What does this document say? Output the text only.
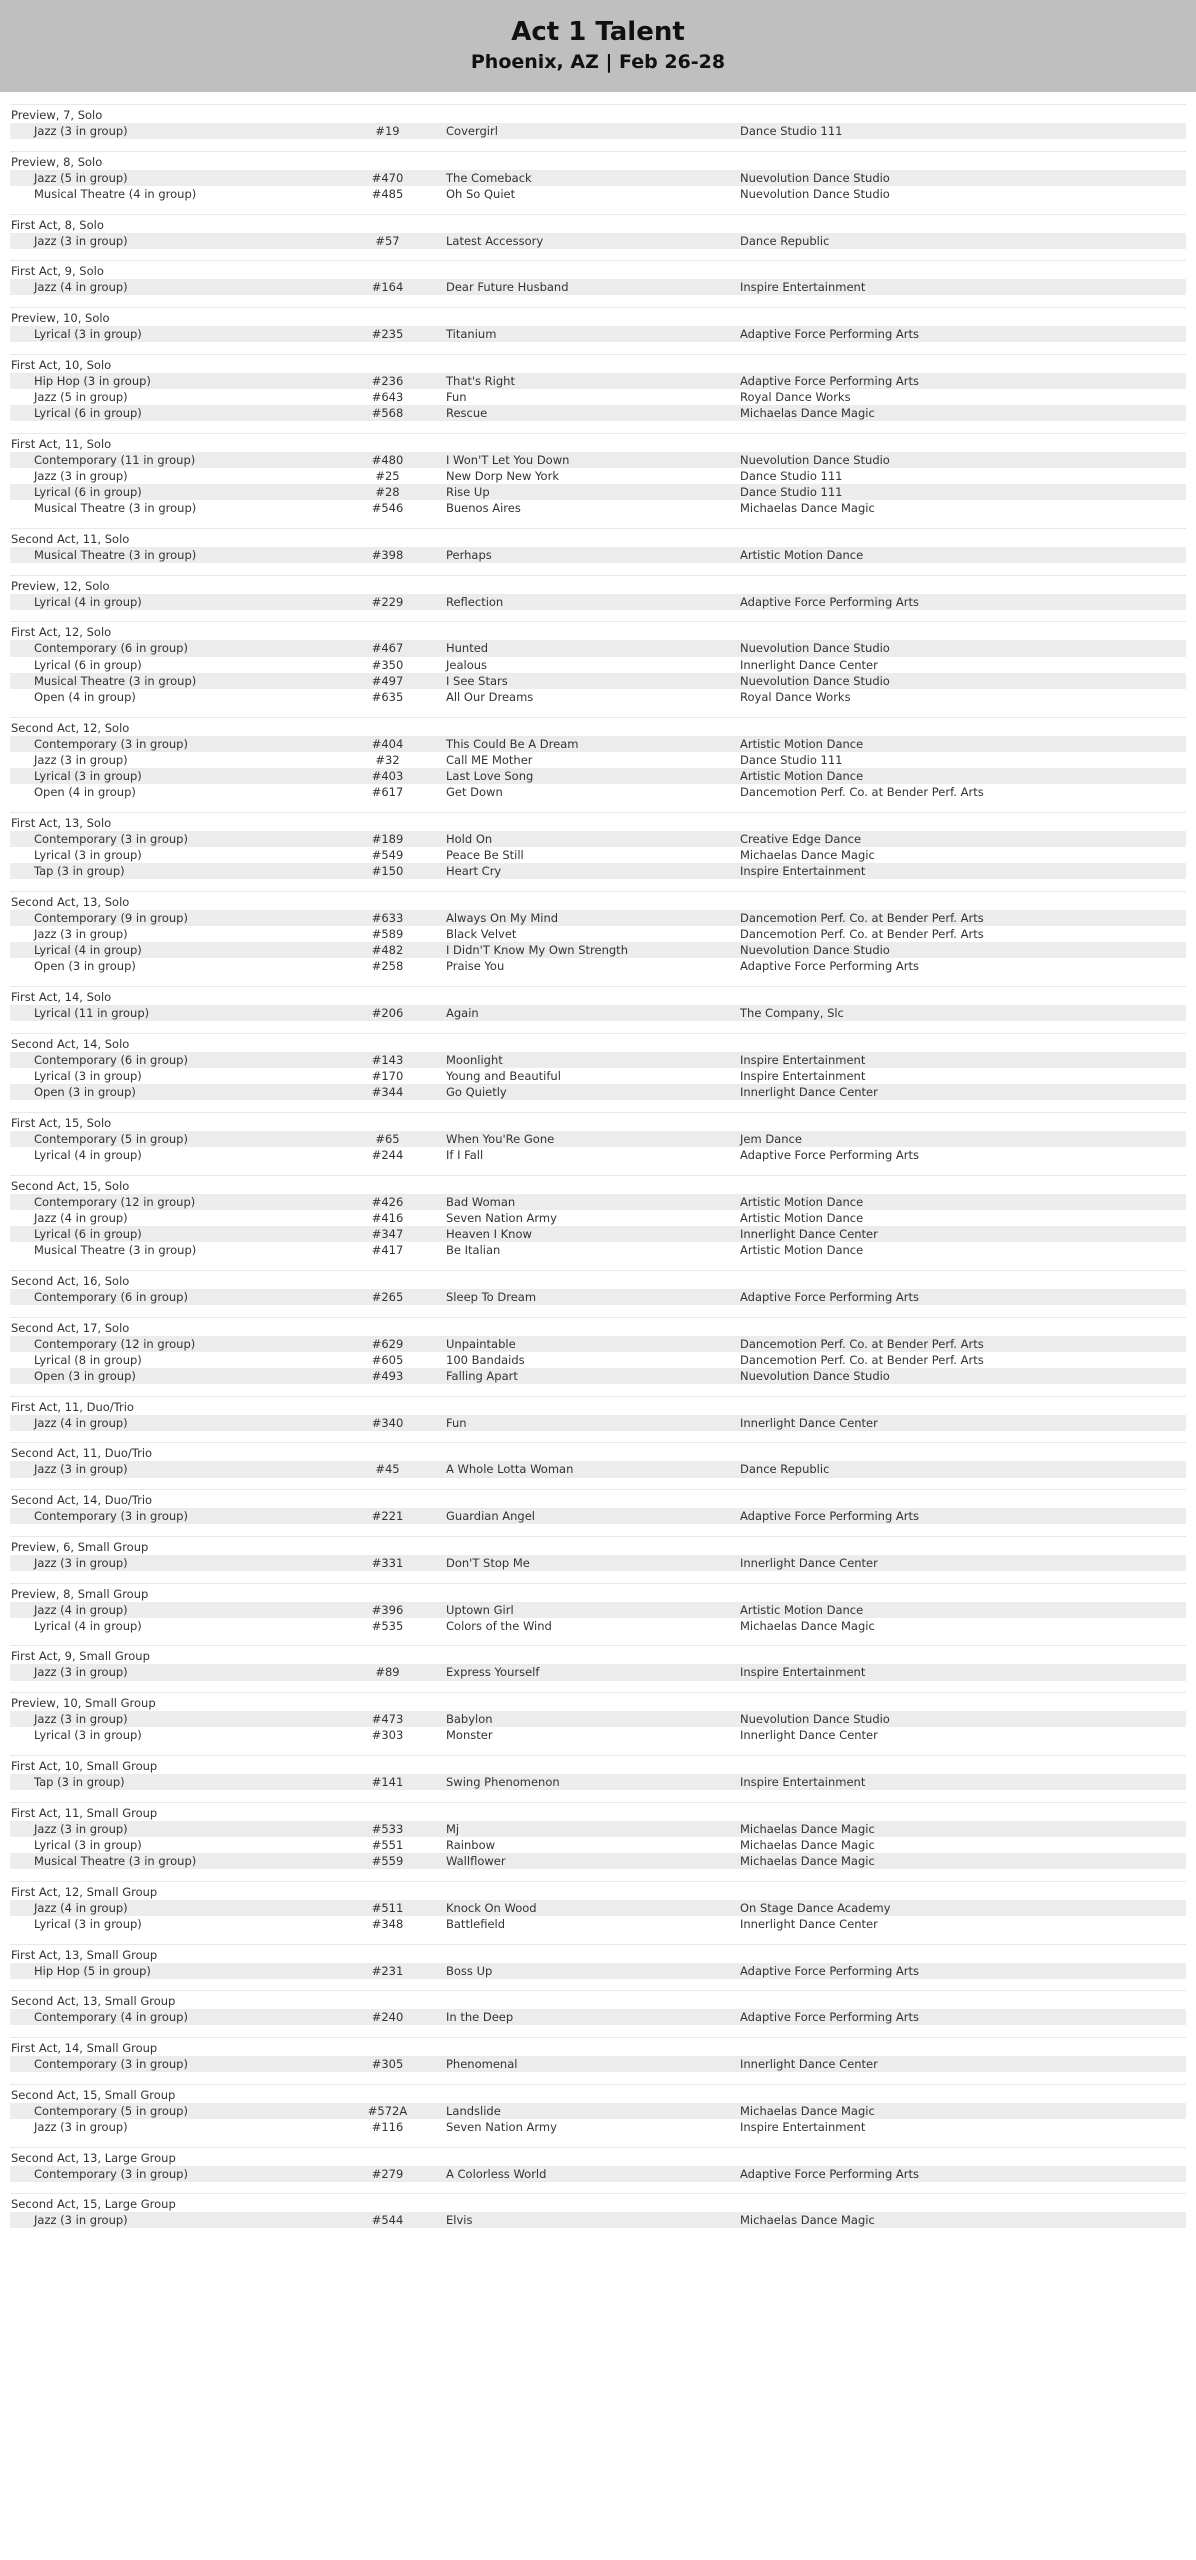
Act 1 Talent
Phoenix, AZ | Feb 26-28
Preview, 7, Solo
Jazz (3 in group)	#19	Covergirl	Dance Studio 111
Preview, 8, Solo
Jazz (5 in group)	#470	The Comeback	Nuevolution Dance Studio
Musical Theatre (4 in group)	#485	Oh So Quiet	Nuevolution Dance Studio
First Act, 8, Solo
Jazz (3 in group)	#57	Latest Accessory	Dance Republic
First Act, 9, Solo
Jazz (4 in group)	#164	Dear Future Husband	Inspire Entertainment
Preview, 10, Solo
Lyrical (3 in group)	#235	Titanium	Adaptive Force Performing Arts
First Act, 10, Solo
Hip Hop (3 in group)	#236	That's Right	Adaptive Force Performing Arts
Jazz (5 in group)	#643	Fun	Royal Dance Works
Lyrical (6 in group)	#568	Rescue	Michaelas Dance Magic
First Act, 11, Solo
Contemporary (11 in group)	#480	I Won'T Let You Down	Nuevolution Dance Studio
Jazz (3 in group)	#25	New Dorp New York	Dance Studio 111
Lyrical (6 in group)	#28	Rise Up	Dance Studio 111
Musical Theatre (3 in group)	#546	Buenos Aires	Michaelas Dance Magic
Second Act, 11, Solo
Musical Theatre (3 in group)	#398	Perhaps	Artistic Motion Dance
Preview, 12, Solo
Lyrical (4 in group)	#229	Reflection	Adaptive Force Performing Arts
First Act, 12, Solo
Contemporary (6 in group)	#467	Hunted	Nuevolution Dance Studio
Lyrical (6 in group)	#350	Jealous	Innerlight Dance Center
Musical Theatre (3 in group)	#497	I See Stars	Nuevolution Dance Studio
Open (4 in group)	#635	All Our Dreams	Royal Dance Works
Second Act, 12, Solo
Contemporary (3 in group)	#404	This Could Be A Dream	Artistic Motion Dance
Jazz (3 in group)	#32	Call ME Mother	Dance Studio 111
Lyrical (3 in group)	#403	Last Love Song	Artistic Motion Dance
Open (4 in group)	#617	Get Down	Dancemotion Perf. Co. at Bender Perf. Arts
First Act, 13, Solo
Contemporary (3 in group)	#189	Hold On	Creative Edge Dance
Lyrical (3 in group)	#549	Peace Be Still	Michaelas Dance Magic
Tap (3 in group)	#150	Heart Cry	Inspire Entertainment
Second Act, 13, Solo
Contemporary (9 in group)	#633	Always On My Mind	Dancemotion Perf. Co. at Bender Perf. Arts
Jazz (3 in group)	#589	Black Velvet	Dancemotion Perf. Co. at Bender Perf. Arts
Lyrical (4 in group)	#482	I Didn'T Know My Own Strength	Nuevolution Dance Studio
Open (3 in group)	#258	Praise You	Adaptive Force Performing Arts
First Act, 14, Solo
Lyrical (11 in group)	#206	Again	The Company, Slc
Second Act, 14, Solo
Contemporary (6 in group)	#143	Moonlight	Inspire Entertainment
Lyrical (3 in group)	#170	Young and Beautiful	Inspire Entertainment
Open (3 in group)	#344	Go Quietly	Innerlight Dance Center
First Act, 15, Solo
Contemporary (5 in group)	#65	When You'Re Gone	Jem Dance
Lyrical (4 in group)	#244	If I Fall	Adaptive Force Performing Arts
Second Act, 15, Solo
Contemporary (12 in group)	#426	Bad Woman	Artistic Motion Dance
Jazz (4 in group)	#416	Seven Nation Army	Artistic Motion Dance
Lyrical (6 in group)	#347	Heaven I Know	Innerlight Dance Center
Musical Theatre (3 in group)	#417	Be Italian	Artistic Motion Dance
Second Act, 16, Solo
Contemporary (6 in group)	#265	Sleep To Dream	Adaptive Force Performing Arts
Second Act, 17, Solo
Contemporary (12 in group)	#629	Unpaintable	Dancemotion Perf. Co. at Bender Perf. Arts
Lyrical (8 in group)	#605	100 Bandaids	Dancemotion Perf. Co. at Bender Perf. Arts
Open (3 in group)	#493	Falling Apart	Nuevolution Dance Studio
First Act, 11, Duo/Trio
Jazz (4 in group)	#340	Fun	Innerlight Dance Center
Second Act, 11, Duo/Trio
Jazz (3 in group)	#45	A Whole Lotta Woman	Dance Republic
Second Act, 14, Duo/Trio
Contemporary (3 in group)	#221	Guardian Angel	Adaptive Force Performing Arts
Preview, 6, Small Group
Jazz (3 in group)	#331	Don'T Stop Me	Innerlight Dance Center
Preview, 8, Small Group
Jazz (4 in group)	#396	Uptown Girl	Artistic Motion Dance
Lyrical (4 in group)	#535	Colors of the Wind	Michaelas Dance Magic
First Act, 9, Small Group
Jazz (3 in group)	#89	Express Yourself	Inspire Entertainment
Preview, 10, Small Group
Jazz (3 in group)	#473	Babylon	Nuevolution Dance Studio
Lyrical (3 in group)	#303	Monster	Innerlight Dance Center
First Act, 10, Small Group
Tap (3 in group)	#141	Swing Phenomenon	Inspire Entertainment
First Act, 11, Small Group
Jazz (3 in group)	#533	Mj	Michaelas Dance Magic
Lyrical (3 in group)	#551	Rainbow	Michaelas Dance Magic
Musical Theatre (3 in group)	#559	Wallflower	Michaelas Dance Magic
First Act, 12, Small Group
Jazz (4 in group)	#511	Knock On Wood	On Stage Dance Academy
Lyrical (3 in group)	#348	Battlefield	Innerlight Dance Center
First Act, 13, Small Group
Hip Hop (5 in group)	#231	Boss Up	Adaptive Force Performing Arts
Second Act, 13, Small Group
Contemporary (4 in group)	#240	In the Deep	Adaptive Force Performing Arts
First Act, 14, Small Group
Contemporary (3 in group)	#305	Phenomenal	Innerlight Dance Center
Second Act, 15, Small Group
Contemporary (5 in group)	#572A	Landslide	Michaelas Dance Magic
Jazz (3 in group)	#116	Seven Nation Army	Inspire Entertainment
Second Act, 13, Large Group
Contemporary (3 in group)	#279	A Colorless World	Adaptive Force Performing Arts
Second Act, 15, Large Group
Jazz (3 in group)	#544	Elvis	Michaelas Dance Magic
